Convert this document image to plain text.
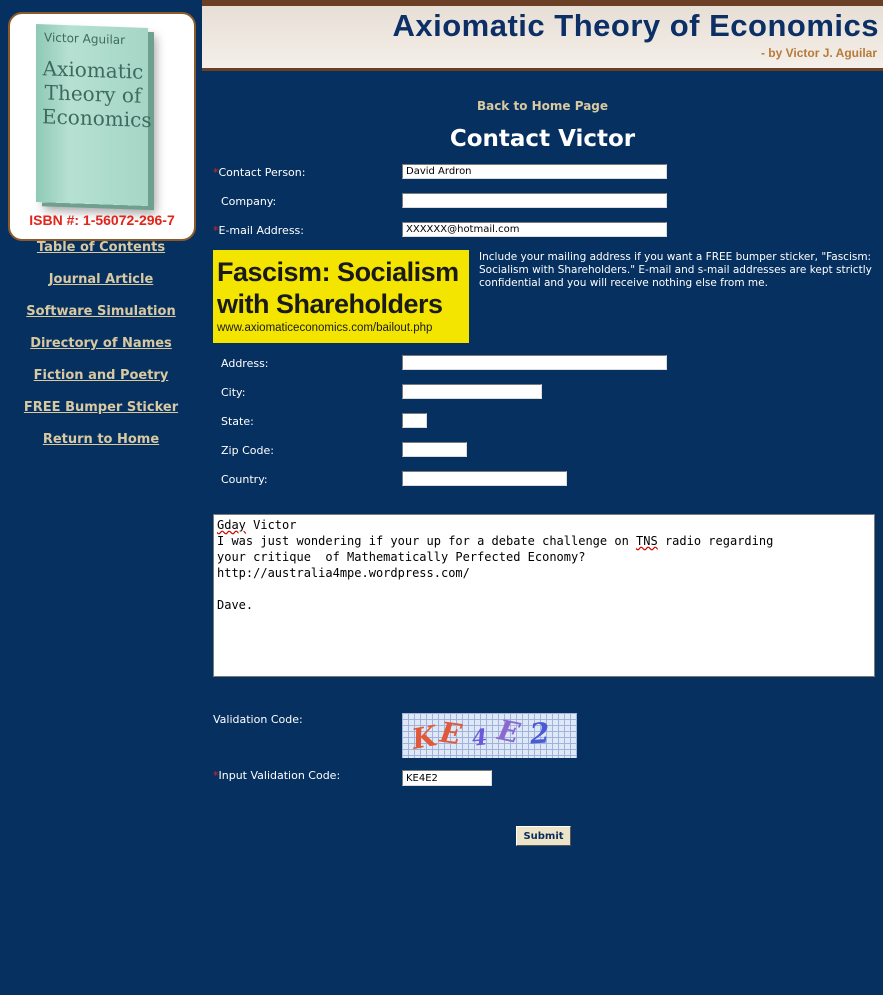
Victor Aguilar
Axiomatic Theory of Economics
ISBN #: 1-56072-296-7
Table of Contents
Journal Article
Software Simulation
Directory of Names
Fiction and Poetry
FREE Bumper Sticker
Return to Home
Axiomatic Theory of Economics
- by Victor J. Aguilar
Back to Home Page
Contact Victor
*Contact Person:
David Ardron
Company:
*E-mail Address:
XXXXXX@hotmail.com
Fascism: Socialism
with Shareholders
www.axiomaticeconomics.com/bailout.php
Include your mailing address if you want a FREE bumper sticker, "Fascism: Socialism with Shareholders." E-mail and s-mail addresses are kept strictly confidential and you will receive nothing else from me.
Address:
City:
State:
Zip Code:
Country:
Gday Victor
I was just wondering if your up for a debate challenge on TNS radio regarding
your critique  of Mathematically Perfected Economy?
http://australia4mpe.wordpress.com/

Dave.
Validation Code:	K
E 4 E 2
*Input Validation Code:
KE4E2
Submit
